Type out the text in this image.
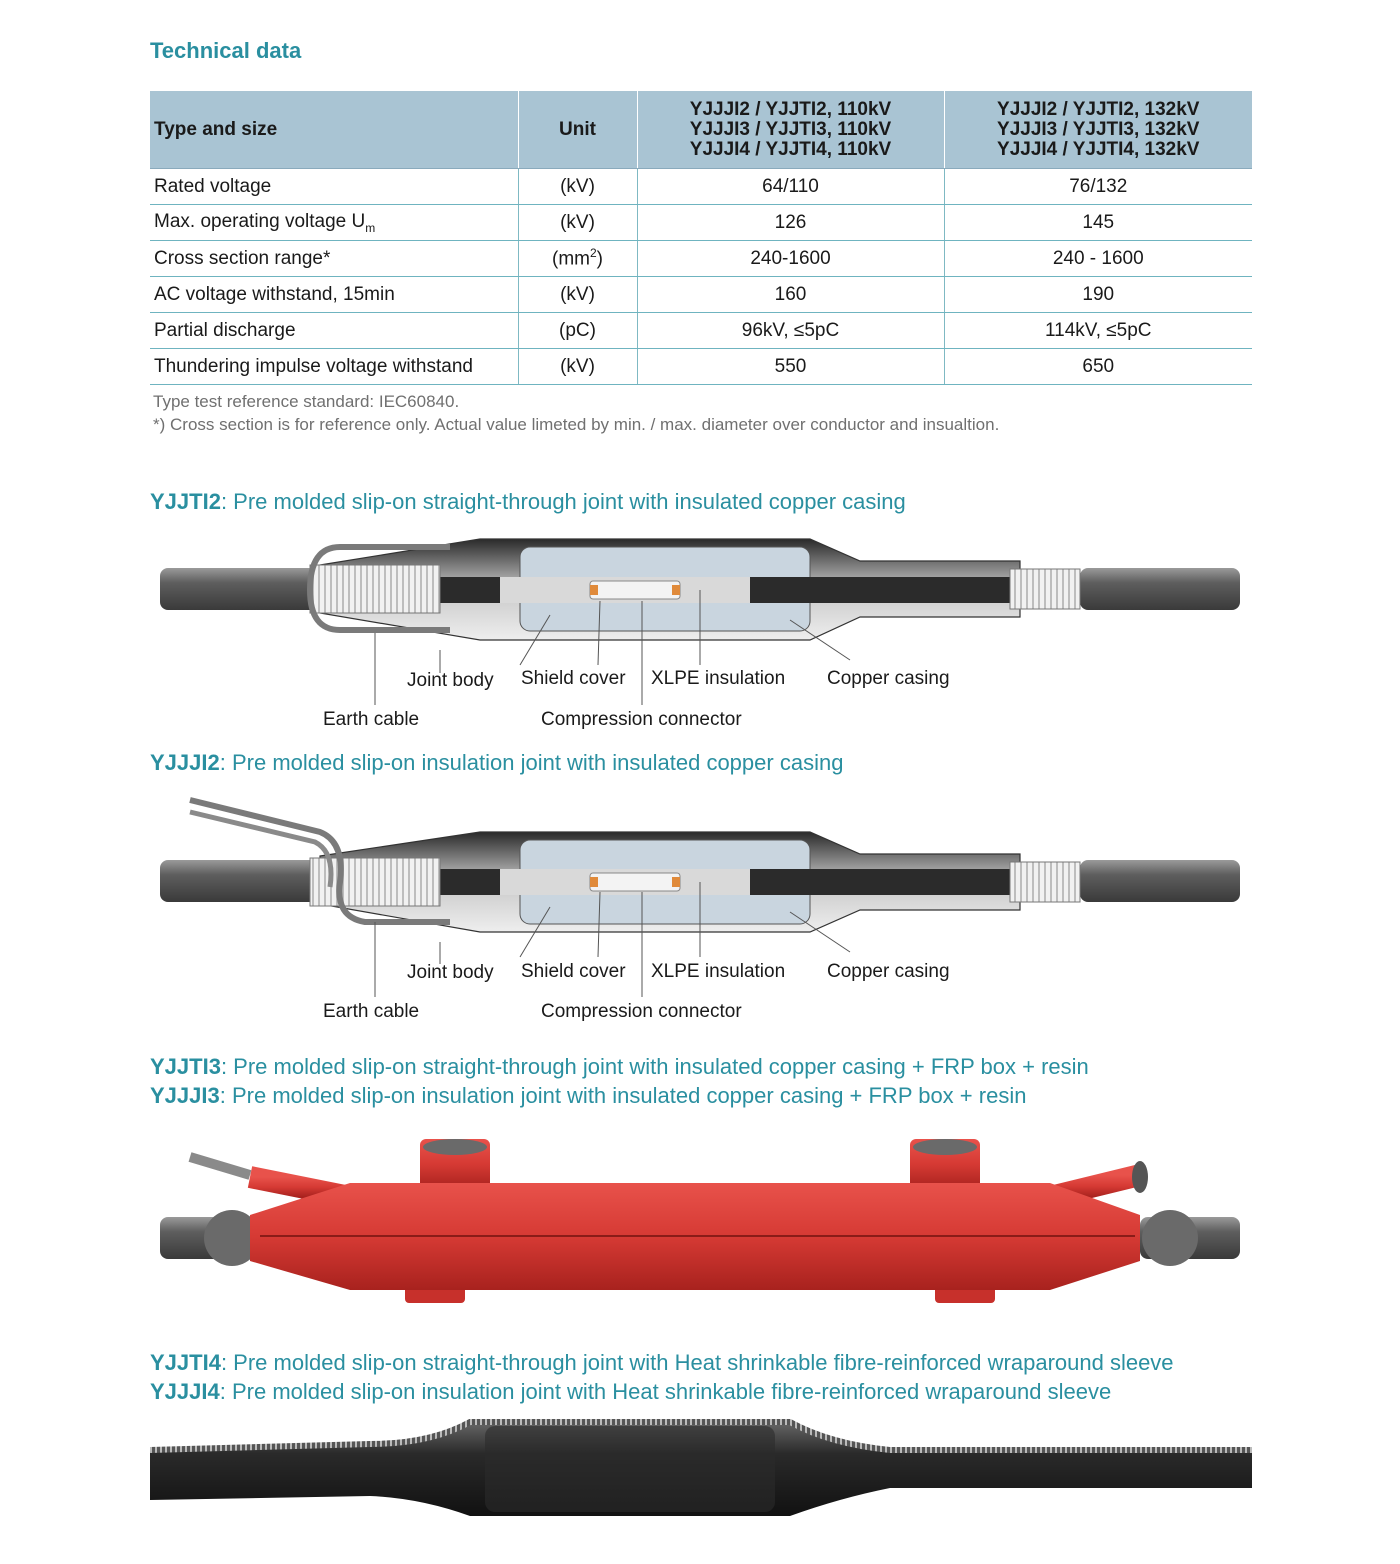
Technical data
Type and size	Unit	YJJJI2 / YJJTI2, 110kV
YJJJI3 / YJJTI3, 110kV
YJJJI4 / YJJTI4, 110kV	YJJJI2 / YJJTI2, 132kV
YJJJI3 / YJJTI3, 132kV
YJJJI4 / YJJTI4, 132kV

Rated voltage	(kV)	64/110	76/132
Max. operating voltage $U_m$	(kV)	126	145
Cross section range*	$(mm^2)$	240-1600	240 - 1600
AC voltage withstand, 15min	(kV)	160	190
Partial discharge	(pC)	96kV, ≤5pC	114kV, ≤5pC
Thundering impulse voltage withstand	(kV)	550	650
Type test reference standard: IEC60840.
*) Cross section is for reference only. Actual value limeted by min. / max. diameter over conductor and insualtion.
YJJTI2: Pre molded slip-on straight-through joint with insulated copper casing
Joint body Shield cover XLPE insulation Copper casing
Earth cable	Compression connector
YJJJI2: Pre molded slip-on insulation joint with insulated copper casing
Joint body Shield cover XLPE insulation Copper casing
Earth cable	Compression connector
YJJTI3: Pre molded slip-on straight-through joint with insulated copper casing + FRP box + resin
YJJJI3: Pre molded slip-on insulation joint with insulated copper casing + FRP box + resin
YJJTI4: Pre molded slip-on straight-through joint with Heat shrinkable fibre-reinforced wraparound sleeve
YJJJI4: Pre molded slip-on insulation joint with Heat shrinkable fibre-reinforced wraparound sleeve
